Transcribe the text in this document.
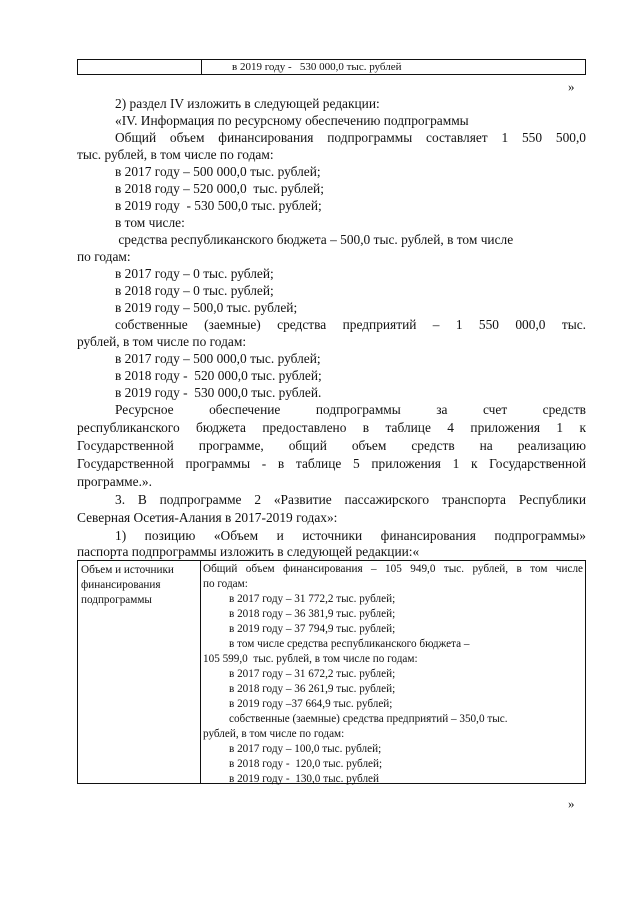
в 2019 году -   530 000,0 тыс. рублей
»
2) раздел IV изложить в следующей редакции:
«IV. Информация по ресурсному обеспечению подпрограммы
Общий объем финансирования подпрограммы составляет 1 550 500,0
тыс. рублей, в том числе по годам:
в 2017 году – 500 000,0 тыс. рублей;
в 2018 году – 520 000,0  тыс. рублей;
в 2019 году  - 530 500,0 тыс. рублей;
в том числе:
средства республиканского бюджета – 500,0 тыс. рублей, в том числе
по годам:
в 2017 году – 0 тыс. рублей;
в 2018 году – 0 тыс. рублей;
в 2019 году – 500,0 тыс. рублей;
собственные (заемные) средства предприятий – 1 550 000,0 тыс.
рублей, в том числе по годам:
в 2017 году – 500 000,0 тыс. рублей;
в 2018 году -  520 000,0 тыс. рублей;
в 2019 году -  530 000,0 тыс. рублей.
Ресурсное обеспечение подпрограммы за счет средств
республиканского бюджета предоставлено в таблице 4 приложения 1 к
Государственной программе, общий объем средств на реализацию
Государственной программы - в таблице 5 приложения 1 к Государственной
программе.».
3. В подпрограмме 2 «Развитие пассажирского транспорта Республики
Северная Осетия-Алания в 2017-2019 годах»:
1) позицию «Объем и источники финансирования подпрограммы»
Объем и источники
финансирования
подпрограммы
Общий объем финансирования – 105 949,0 тыс. рублей, в том числе
по годам:
в 2017 году – 31 772,2 тыс. рублей;
в 2018 году – 36 381,9 тыс. рублей;
в 2019 году – 37 794,9 тыс. рублей;
в том числе средства республиканского бюджета –
105 599,0  тыс. рублей, в том числе по годам:
в 2017 году – 31 672,2 тыс. рублей;
в 2018 году – 36 261,9 тыс. рублей;
в 2019 году –37 664,9 тыс. рублей;
собственные (заемные) средства предприятий – 350,0 тыс.
рублей, в том числе по годам:
в 2017 году – 100,0 тыс. рублей;
в 2018 году -  120,0 тыс. рублей;
в 2019 году -  130,0 тыс. рублей
»
паспорта подпрограммы изложить в следующей редакции:«
